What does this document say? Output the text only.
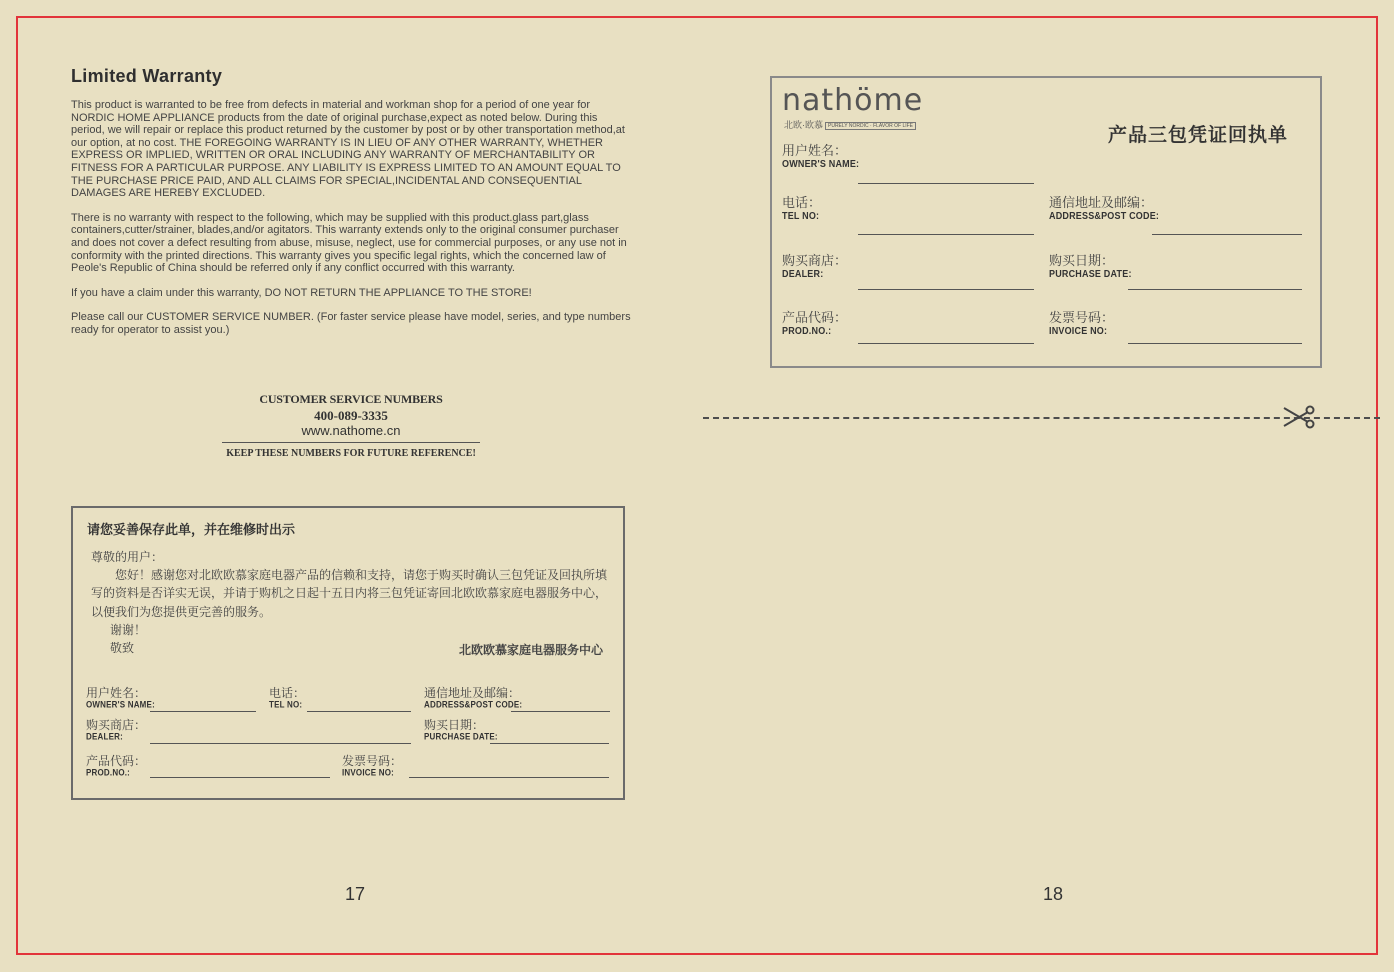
Limited Warranty

This product is warranted to be free from defects in material and workman shop for a period of one year for NORDIC HOME APPLIANCE products from the date of original purchase,expect as noted below. During this period, we will repair or replace this product returned by the customer by post or by other transportation method,at our option, at no cost. THE FOREGOING WARRANTY IS IN LIEU OF ANY OTHER WARRANTY, WHETHER EXPRESS OR IMPLIED, WRITTEN OR ORAL INCLUDING ANY WARRANTY OF MERCHANTABILITY OR FITNESS FOR A PARTICULAR PURPOSE. ANY LIABILITY IS EXPRESS LIMITED TO AN AMOUNT EQUAL TO THE PURCHASE PRICE PAID, AND ALL CLAIMS FOR SPECIAL,INCIDENTAL AND CONSEQUENTIAL DAMAGES ARE HEREBY EXCLUDED.

There is no warranty with respect to the following, which may be supplied with this product.glass part,glass containers,cutter/strainer, blades,and/or agitators. This warranty extends only to the original consumer purchaser and does not cover a defect resulting from abuse, misuse, neglect, use for commercial purposes, or any use not in conformity with the printed directions. This warranty gives you specific legal rights, which the concerned law of Peole's Republic of China should be referred only if any conflict occurred with this warranty.

If you have a claim under this warranty, DO NOT RETURN THE APPLIANCE TO THE STORE!

Please call our CUSTOMER SERVICE NUMBER. (For faster service please have model, series, and type numbers ready for operator to assist you.)

CUSTOMER SERVICE NUMBERS
400-089-3335
www.nathome.cn
KEEP THESE NUMBERS FOR FUTURE REFERENCE!
请您妥善保存此单，并在维修时出示
尊敬的用户：
您好！感谢您对北欧欧慕家庭电器产品的信赖和支持，请您于购买时确认三包凭证及回执所填写的资料是否详实无误，并请于购机之日起十五日内将三包凭证寄回北欧欧慕家庭电器服务中心，以便我们为您提供更完善的服务。
谢谢！
敬致	北欧欧慕家庭电器服务中心
用户姓名：
OWNER'S NAME:
电话：
TEL NO:
通信地址及邮编：
ADDRESS&POST CODE:
购买商店：
DEALER:
购买日期：
PURCHASE DATE:
产品代码：
PROD.NO.:
发票号码：
INVOICE NO:
17
nathöme
北欧·欧慕 PURELY NORDIC · FLAVOR OF LIFE	产品三包凭证回执单
用户姓名：
OWNER'S NAME:
电话：
TEL NO:
通信地址及邮编：
ADDRESS&POST CODE:
购买商店：
DEALER:
购买日期：
PURCHASE DATE:
产品代码：
PROD.NO.:
发票号码：
INVOICE NO:
18
